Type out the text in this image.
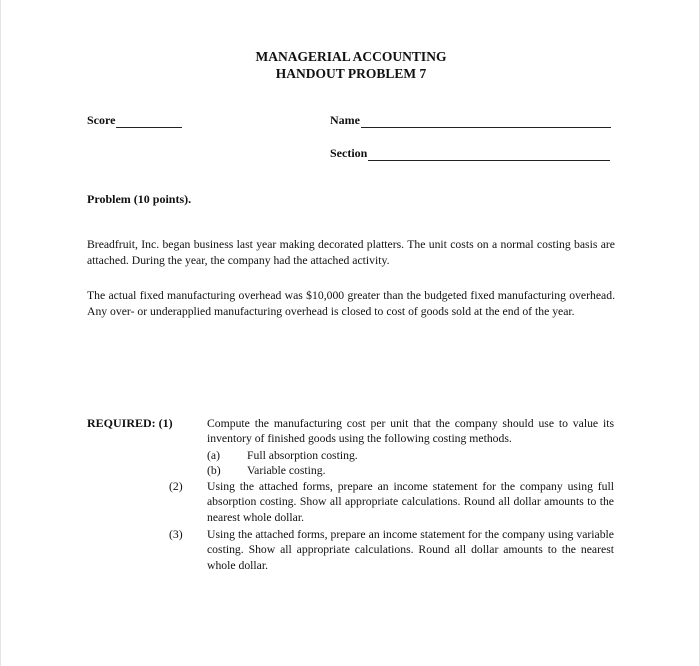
MANAGERIAL ACCOUNTING
HANDOUT PROBLEM 7
Score	Name
Section
Problem (10 points).
Breadfruit, Inc. began business last year making decorated platters. The unit costs on a normal costing basis are attached. During the year, the company had the attached activity.
The actual fixed manufacturing overhead was $10,000 greater than the budgeted fixed manufacturing overhead. Any over- or underapplied manufacturing overhead is closed to cost of goods sold at the end of the year.
REQUIRED: (1)	Compute the manufacturing cost per unit that the company should use to value its inventory of finished goods using the following costing methods.
(a) Full absorption costing.
(b) Variable costing.
(2) Using the attached forms, prepare an income statement for the company using full absorption costing. Show all appropriate calculations. Round all dollar amounts to the nearest whole dollar.
(3) Using the attached forms, prepare an income statement for the company using variable costing. Show all appropriate calculations. Round all dollar amounts to the nearest whole dollar.
